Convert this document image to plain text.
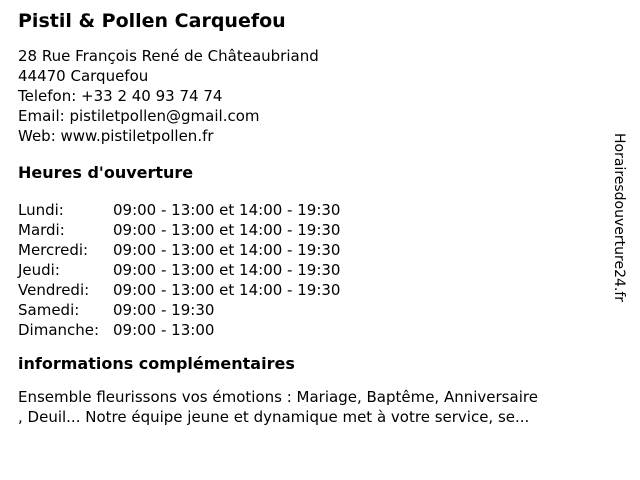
Pistil & Pollen Carquefou
28 Rue François René de Châteaubriand
44470 Carquefou
Telefon: +33 2 40 93 74 74
Email: pistiletpollen@gmail.com
Web: www.pistiletpollen.fr
Heures d'ouverture
Lundi:	09:00 - 13:00 et 14:00 - 19:30
Mardi:	09:00 - 13:00 et 14:00 - 19:30
Mercredi:	09:00 - 13:00 et 14:00 - 19:30
Jeudi:	09:00 - 13:00 et 14:00 - 19:30
Vendredi:	09:00 - 13:00 et 14:00 - 19:30
Samedi:	09:00 - 19:30
Dimanche: 09:00 - 13:00
informations complémentaires
Ensemble fleurissons vos émotions : Mariage, Baptême, Anniversaire
, Deuil... Notre équipe jeune et dynamique met à votre service, se...
Horairesdouverture24.fr
